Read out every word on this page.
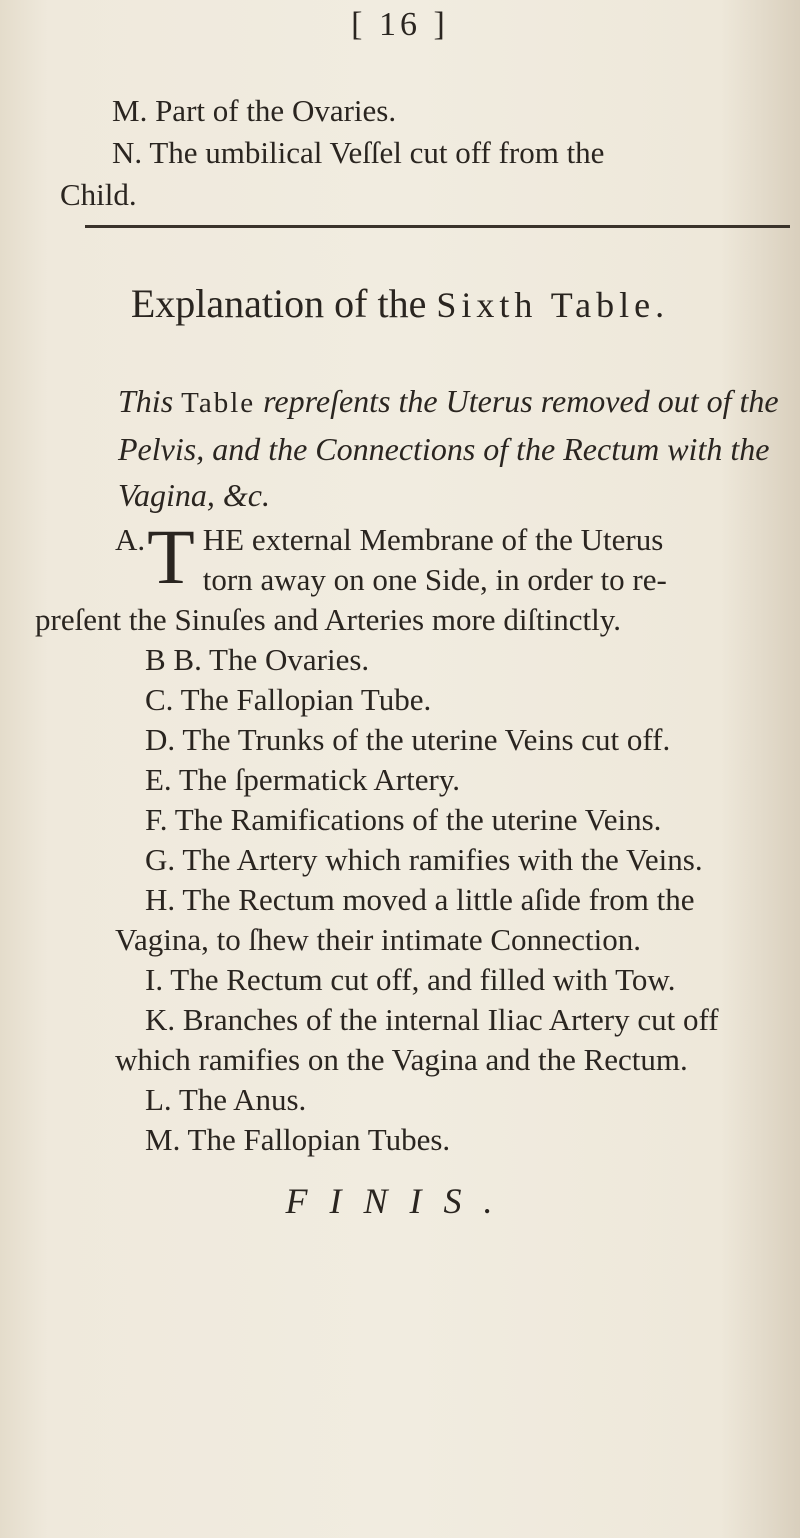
[ 16 ]
M. Part of the Ovaries.
N. The umbilical Veſſel cut off from the
Child.
Explanation of the Sixth Table.
This Table repreſents the Uterus removed out of the Pelvis, and the Connections of the Rectum with the Vagina, &c.

A. T HE external Membrane of the Uterus
torn away on one Side, in order to re-
preſent the Sinuſes and Arteries more diſtinctly.

B B. The Ovaries.

C. The Fallopian Tube.

D. The Trunks of the uterine Veins cut off.

E. The ſpermatick Artery.

F. The Ramifications of the uterine Veins.

G. The Artery which ramifies with the Veins.

H. The Rectum moved a little aſide from the

Vagina, to ſhew their intimate Connection.

I. The Rectum cut off, and filled with Tow.

K. Branches of the internal Iliac Artery cut off

which ramifies on the Vagina and the Rectum.

L. The Anus.

M. The Fallopian Tubes.

FINIS.
